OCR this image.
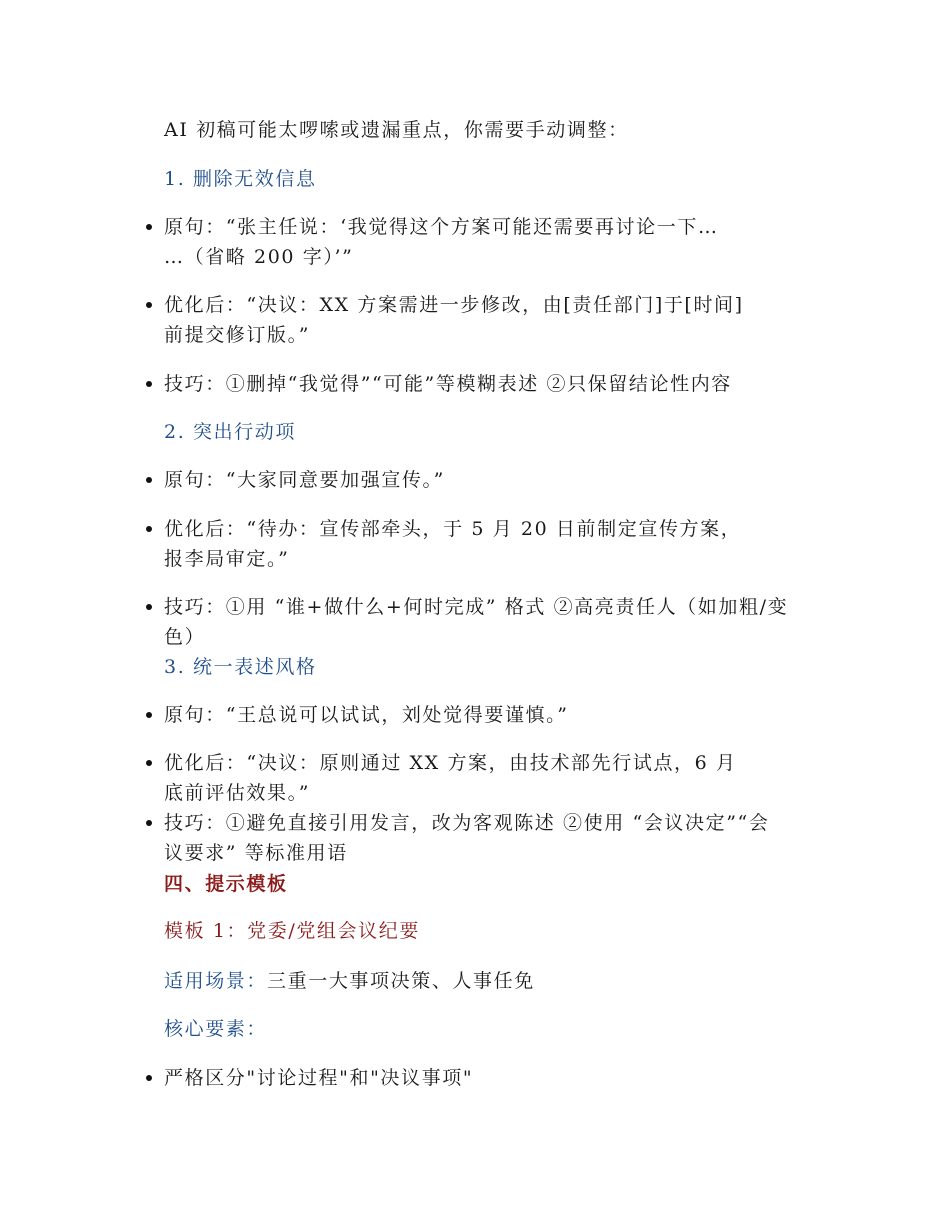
AI 初稿可能太啰嗦或遗漏重点，你需要手动调整：
1. 删除无效信息
原句：“张主任说：‘我觉得这个方案可能还需要再讨论一下…
…（省略 200 字）’”
优化后：“决议：XX 方案需进一步修改，由[责任部门]于[时间]
前提交修订版。”
技巧：①删掉“我觉得”“可能”等模糊表述 ②只保留结论性内容
2. 突出行动项
原句：“大家同意要加强宣传。”
优化后：“待办：宣传部牵头，于 5 月 20 日前制定宣传方案，
报李局审定。”
技巧：①用 “谁+做什么+何时完成” 格式 ②高亮责任人（如加粗/变
色）
3. 统一表述风格
原句：“王总说可以试试，刘处觉得要谨慎。”
优化后：“决议：原则通过 XX 方案，由技术部先行试点，6 月
底前评估效果。”
技巧：①避免直接引用发言，改为客观陈述 ②使用 “会议决定”“会
议要求” 等标准用语
四、提示模板
模板 1：党委/党组会议纪要
适用场景：三重一大事项决策、人事任免
核心要素：
严格区分"讨论过程"和"决议事项"
